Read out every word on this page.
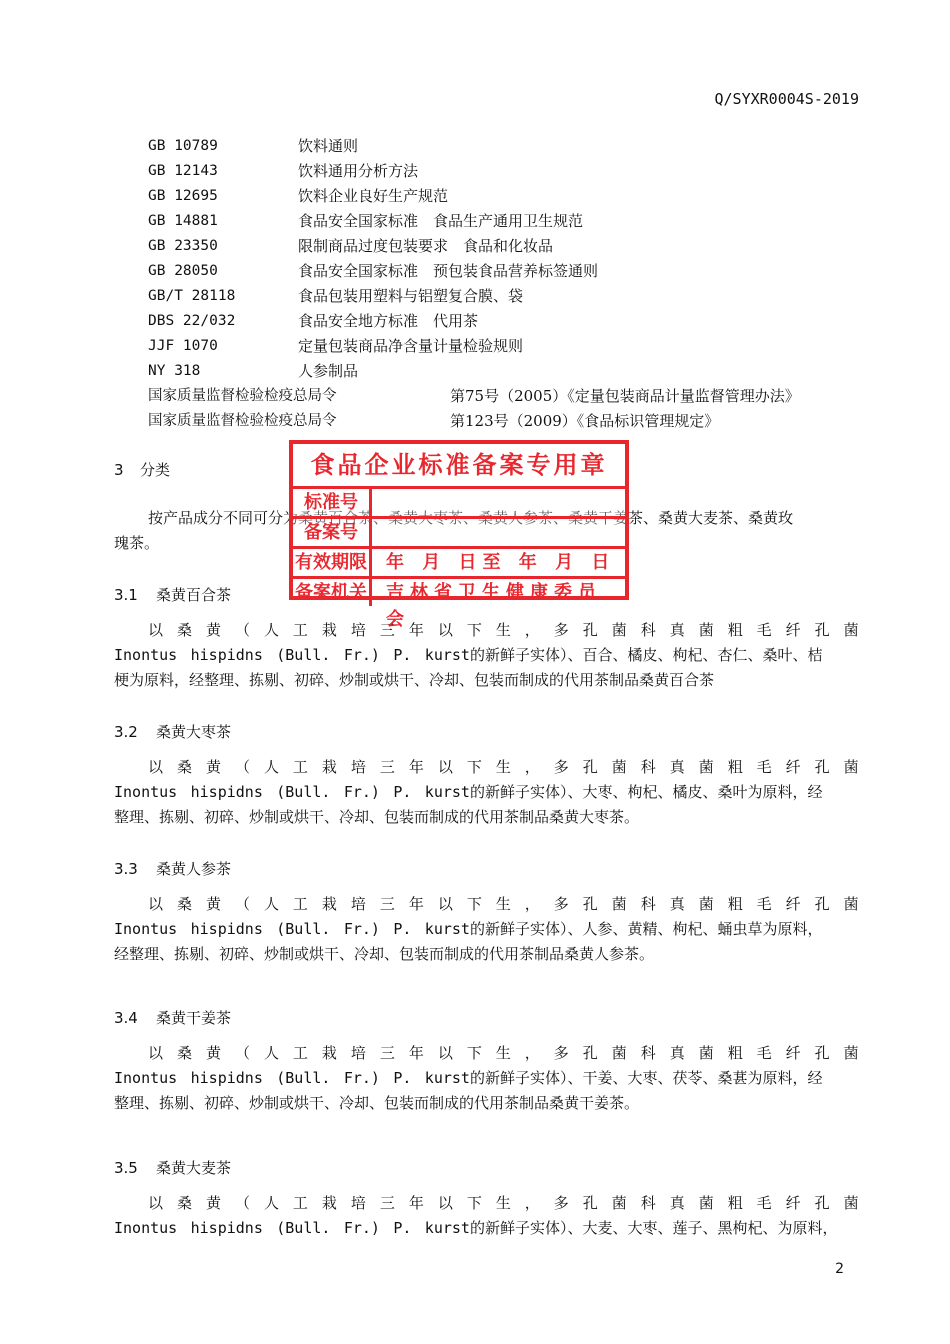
Q/SYXR0004S-2019
GB 10789	饮料通则
GB 12143	饮料通用分析方法
GB 12695	饮料企业良好生产规范
GB 14881	食品安全国家标准　食品生产通用卫生规范
GB 23350	限制商品过度包装要求　食品和化妆品
GB 28050	食品安全国家标准　预包装食品营养标签通则
GB/T 28118	食品包装用塑料与铝塑复合膜、袋
DBS 22/032	食品安全地方标准　代用茶
JJF 1070	定量包装商品净含量计量检验规则
NY 318	人参制品
国家质量监督检验检疫总局令	第75号（2005）《定量包装商品计量监督管理办法》
国家质量监督检验检疫总局令	第123号（2009）《食品标识管理规定》
3 分类
按产品成分不同可分为桑黄百合茶、桑黄大枣茶、桑黄人参茶、桑黄干姜茶、桑黄大麦茶、桑黄玫
瑰茶。
3.1 桑黄百合茶
以 桑 黄 （ 人 工 栽 培 三 年 以 下 生 ， 多 孔 菌 科 真 菌 粗 毛 纤 孔 菌
Inontus hispidns (Bull. Fr.) P. kurst 的新鲜子实体）、百合、橘皮、枸杞、杏仁、桑叶、桔
梗为原料，经整理、拣剔、初碎、炒制或烘干、冷却、包装而制成的代用茶制品桑黄百合茶
3.2 桑黄大枣茶
以 桑 黄 （ 人 工 栽 培 三 年 以 下 生 ， 多 孔 菌 科 真 菌 粗 毛 纤 孔 菌
Inontus hispidns (Bull. Fr.) P. kurst 的新鲜子实体）、大枣、枸杞、橘皮、桑叶为原料，经
整理、拣剔、初碎、炒制或烘干、冷却、包装而制成的代用茶制品桑黄大枣茶。
3.3 桑黄人参茶
以 桑 黄 （ 人 工 栽 培 三 年 以 下 生 ， 多 孔 菌 科 真 菌 粗 毛 纤 孔 菌
Inontus hispidns (Bull. Fr.) P. kurst 的新鲜子实体）、人参、黄精、枸杞、蛹虫草为原料，
经整理、拣剔、初碎、炒制或烘干、冷却、包装而制成的代用茶制品桑黄人参茶。
3.4 桑黄干姜茶
以 桑 黄 （ 人 工 栽 培 三 年 以 下 生 ， 多 孔 菌 科 真 菌 粗 毛 纤 孔 菌
Inontus hispidns (Bull. Fr.) P. kurst 的新鲜子实体）、干姜、大枣、茯苓、桑葚为原料，经
整理、拣剔、初碎、炒制或烘干、冷却、包装而制成的代用茶制品桑黄干姜茶。
3.5 桑黄大麦茶
以 桑 黄 （ 人 工 栽 培 三 年 以 下 生 ， 多 孔 菌 科 真 菌 粗 毛 纤 孔 菌
Inontus hispidns (Bull. Fr.) P. kurst 的新鲜子实体）、大麦、大枣、莲子、黑枸杞、为原料，
食品企业标准备案专用章
标准号
备案号
有效期限	年 月 日至 年 月 日
备案机关	吉林省卫生健康委员会
2
